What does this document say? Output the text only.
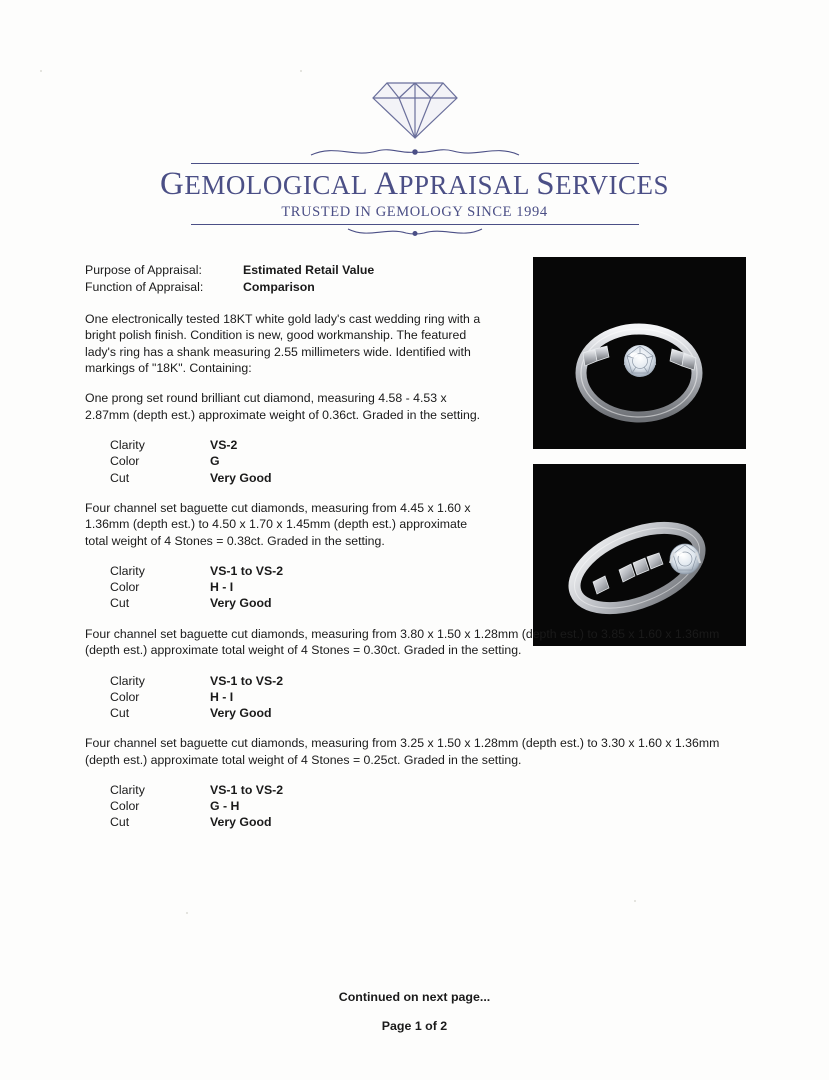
GEMOLOGICAL APPRAISAL SERVICES
TRUSTED IN GEMOLOGY SINCE 1994
Purpose of Appraisal:	Estimated Retail Value
Function of Appraisal:	Comparison

One electronically tested 18KT white gold lady's cast wedding ring with a bright polish finish. Condition is new, good workmanship. The featured lady's ring has a shank measuring 2.55 millimeters wide. Identified with markings of "18K". Containing:

One prong set round brilliant cut diamond, measuring 4.58 - 4.53 x 2.87mm (depth est.) approximate weight of 0.36ct. Graded in the setting.

Clarity	VS-2
Color	G
Cut	Very Good

Four channel set baguette cut diamonds, measuring from 4.45 x 1.60 x 1.36mm (depth est.) to 4.50 x 1.70 x 1.45mm (depth est.) approximate total weight of 4 Stones = 0.38ct. Graded in the setting.

Clarity	VS-1 to VS-2
Color	H - I
Cut	Very Good

Four channel set baguette cut diamonds, measuring from 3.80 x 1.50 x 1.28mm (depth est.) to 3.85 x 1.60 x 1.36mm (depth est.) approximate total weight of 4 Stones = 0.30ct. Graded in the setting.

Clarity	VS-1 to VS-2
Color	H - I
Cut	Very Good

Four channel set baguette cut diamonds, measuring from 3.25 x 1.50 x 1.28mm (depth est.) to 3.30 x 1.60 x 1.36mm (depth est.) approximate total weight of 4 Stones = 0.25ct. Graded in the setting.

Clarity	VS-1 to VS-2
Color	G - H
Cut	Very Good
Continued on next page...
Page 1 of 2
